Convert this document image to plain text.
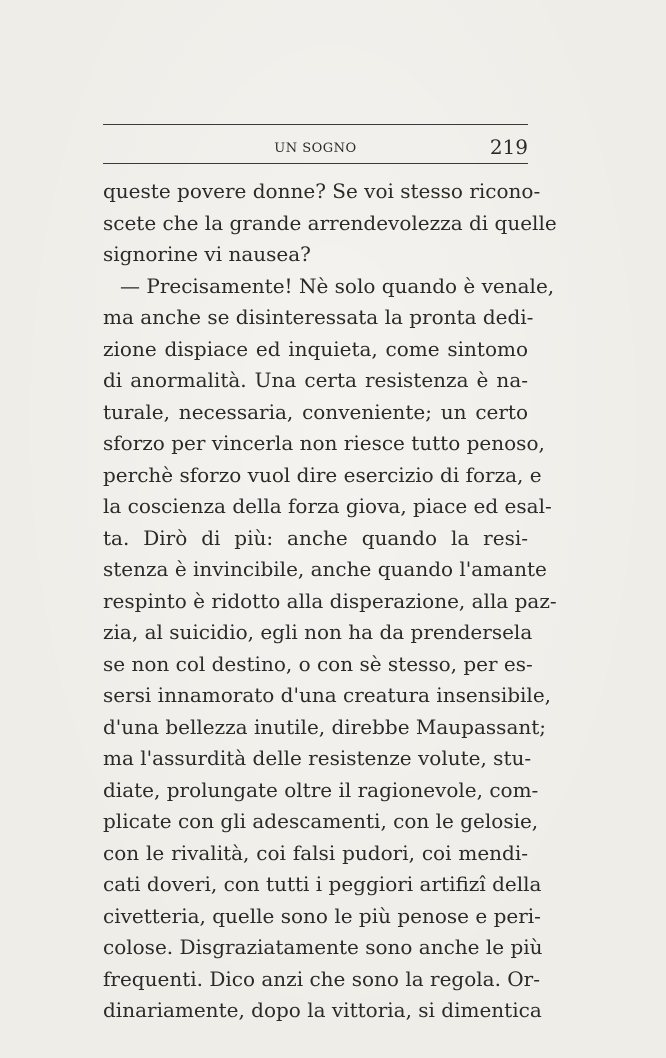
UN SOGNO	219
queste povere donne? Se voi stesso ricono-
scete che la grande arrendevolezza di quelle
signorine vi nausea?
— Precisamente! Nè solo quando è venale,
ma anche se disinteressata la pronta dedi-
zione dispiace ed inquieta, come sintomo
di anormalità. Una certa resistenza è na-
turale, necessaria, conveniente; un certo
sforzo per vincerla non riesce tutto penoso,
perchè sforzo vuol dire esercizio di forza, e
la coscienza della forza giova, piace ed esal-
ta. Dirò di più: anche quando la resi-
stenza è invincibile, anche quando l'amante
respinto è ridotto alla disperazione, alla paz-
zia, al suicidio, egli non ha da prendersela
se non col destino, o con sè stesso, per es-
sersi innamorato d'una creatura insensibile,
d'una bellezza inutile, direbbe Maupassant;
ma l'assurdità delle resistenze volute, stu-
diate, prolungate oltre il ragionevole, com-
plicate con gli adescamenti, con le gelosie,
con le rivalità, coi falsi pudori, coi mendi-
cati doveri, con tutti i peggiori artifizî della
civetteria, quelle sono le più penose e peri-
colose. Disgraziatamente sono anche le più
frequenti. Dico anzi che sono la regola. Or-
dinariamente, dopo la vittoria, si dimentica
